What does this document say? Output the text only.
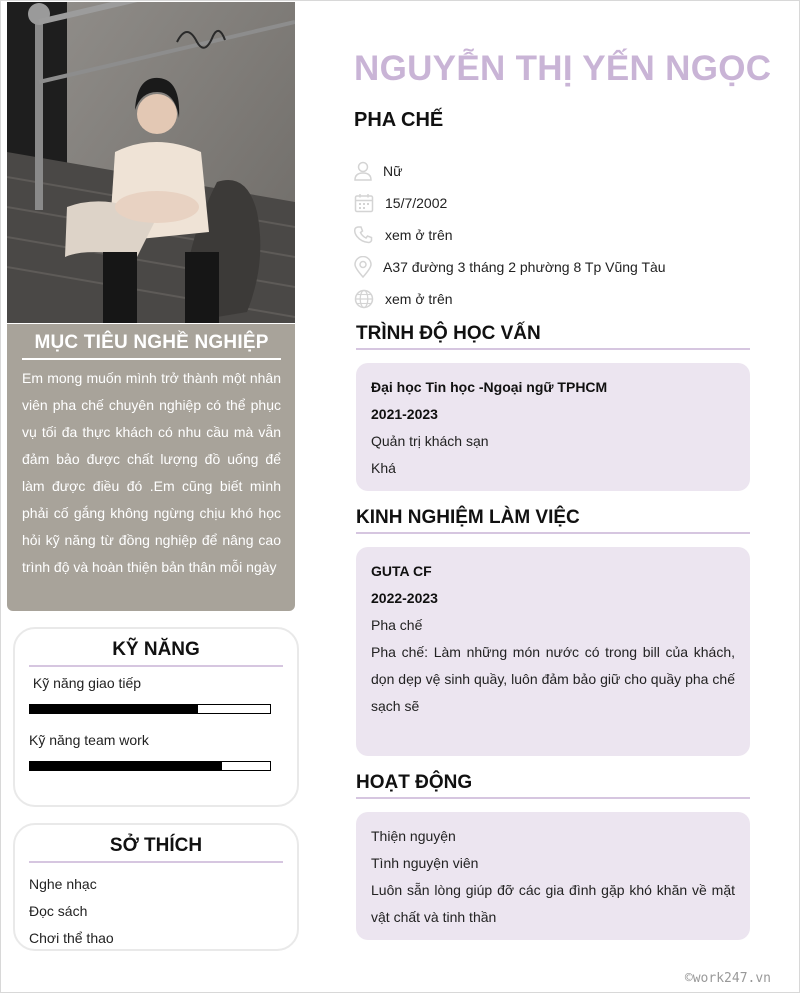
MỤC TIÊU NGHỀ NGHIỆP

Em mong muốn mình trở thành một nhân viên pha chế chuyên nghiệp có thể phục vụ tối đa thực khách có nhu cầu mà vẫn đảm bảo được chất lượng đồ uống để làm được điều đó .Em cũng biết mình phải cố gắng không ngừng chịu khó học hỏi kỹ năng từ đồng nghiệp để nâng cao trình độ và hoàn thiện bản thân mỗi ngày

KỸ NĂNG
Kỹ năng giao tiếp
Kỹ năng team work
SỞ THÍCH
Nghe nhạc
Đọc sách
Chơi thể thao
NGUYỄN THỊ YẾN NGỌC
PHA CHẾ
Nữ
15/7/2002
xem ở trên
A37 đường 3 tháng 2 phường 8 Tp Vũng Tàu
xem ở trên
TRÌNH ĐỘ HỌC VẤN
Đại học Tin học -Ngoại ngữ TPHCM
2021-2023
Quản trị khách sạn
Khá
KINH NGHIỆM LÀM VIỆC
GUTA CF
2022-2023
Pha chế
Pha chế: Làm những món nước có trong bill của khách, dọn dẹp vệ sinh quầy, luôn đảm bảo giữ cho quầy pha chế sạch sẽ
HOẠT ĐỘNG
Thiện nguyện
Tình nguyện viên
Luôn sẵn lòng giúp đỡ các gia đình gặp khó khăn về mặt vật chất và tinh thần
©work247.vn
